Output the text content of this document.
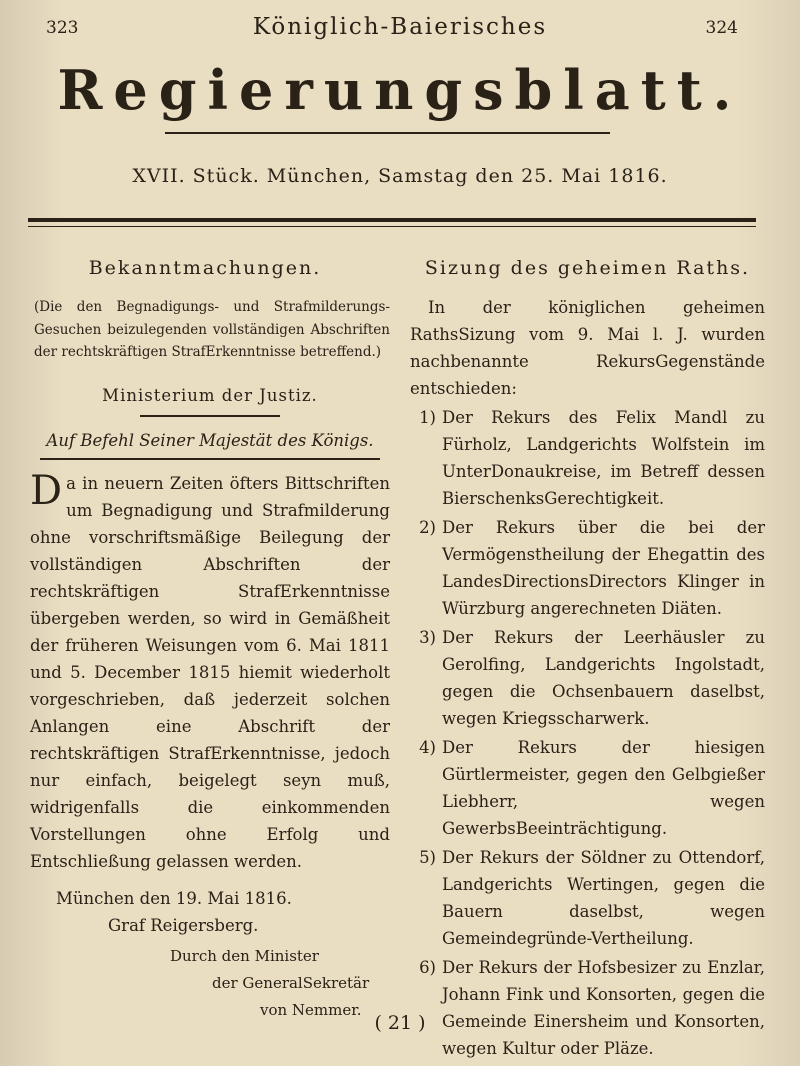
323	324
Königlich-Baierisches
Regierungsblatt.
XVII. Stück. München, Samstag den 25. Mai 1816.
Bekanntmachungen.

(Die den Begnadigungs- und Strafmilderungs-Gesuchen beizulegenden vollständigen Abschriften der rechtskräftigen StrafErkenntnisse betreffend.)

Ministerium der Justiz.
Auf Befehl Seiner Majestät des Königs.

Da in neuern Zeiten öfters Bittschriften um Begnadigung und Strafmilderung ohne vorschriftsmäßige Beilegung der vollständigen Abschriften der rechtskräftigen StrafErkenntnisse übergeben werden, so wird in Gemäßheit der früheren Weisungen vom 6. Mai 1811 und 5. December 1815 hiemit wiederholt vorgeschrieben, daß jederzeit solchen Anlangen eine Abschrift der rechtskräftigen StrafErkenntnisse, jedoch nur einfach, beigelegt seyn muß, widrigenfalls die einkommenden Vorstellungen ohne Erfolg und Entschließung gelassen werden.

München den 19. Mai 1816.
Graf Reigersberg.
Durch den Minister
der GeneralSekretär
von Nemmer.
Sizung des geheimen Raths.

In der königlichen geheimen RathsSizung vom 9. Mai l. J. wurden nachbenannte RekursGegenstände entschieden:

1) Der Rekurs des Felix Mandl zu Fürholz, Landgerichts Wolfstein im UnterDonaukreise, im Betreff dessen BierschenksGerechtigkeit.
2) Der Rekurs über die bei der Vermögenstheilung der Ehegattin des LandesDirectionsDirectors Klinger in Würzburg angerechneten Diäten.
3) Der Rekurs der Leerhäusler zu Gerolfing, Landgerichts Ingolstadt, gegen die Ochsenbauern daselbst, wegen Kriegsscharwerk.
4) Der Rekurs der hiesigen Gürtlermeister, gegen den Gelbgießer Liebherr, wegen GewerbsBeeinträchtigung.
5) Der Rekurs der Söldner zu Ottendorf, Landgerichts Wertingen, gegen die Bauern daselbst, wegen Gemeindegründe-Vertheilung.
6) Der Rekurs der Hofsbesizer zu Enzlar, Johann Fink und Konsorten, gegen die Gemeinde Einersheim und Konsorten, wegen Kultur oder Pläze.
( 21 )
